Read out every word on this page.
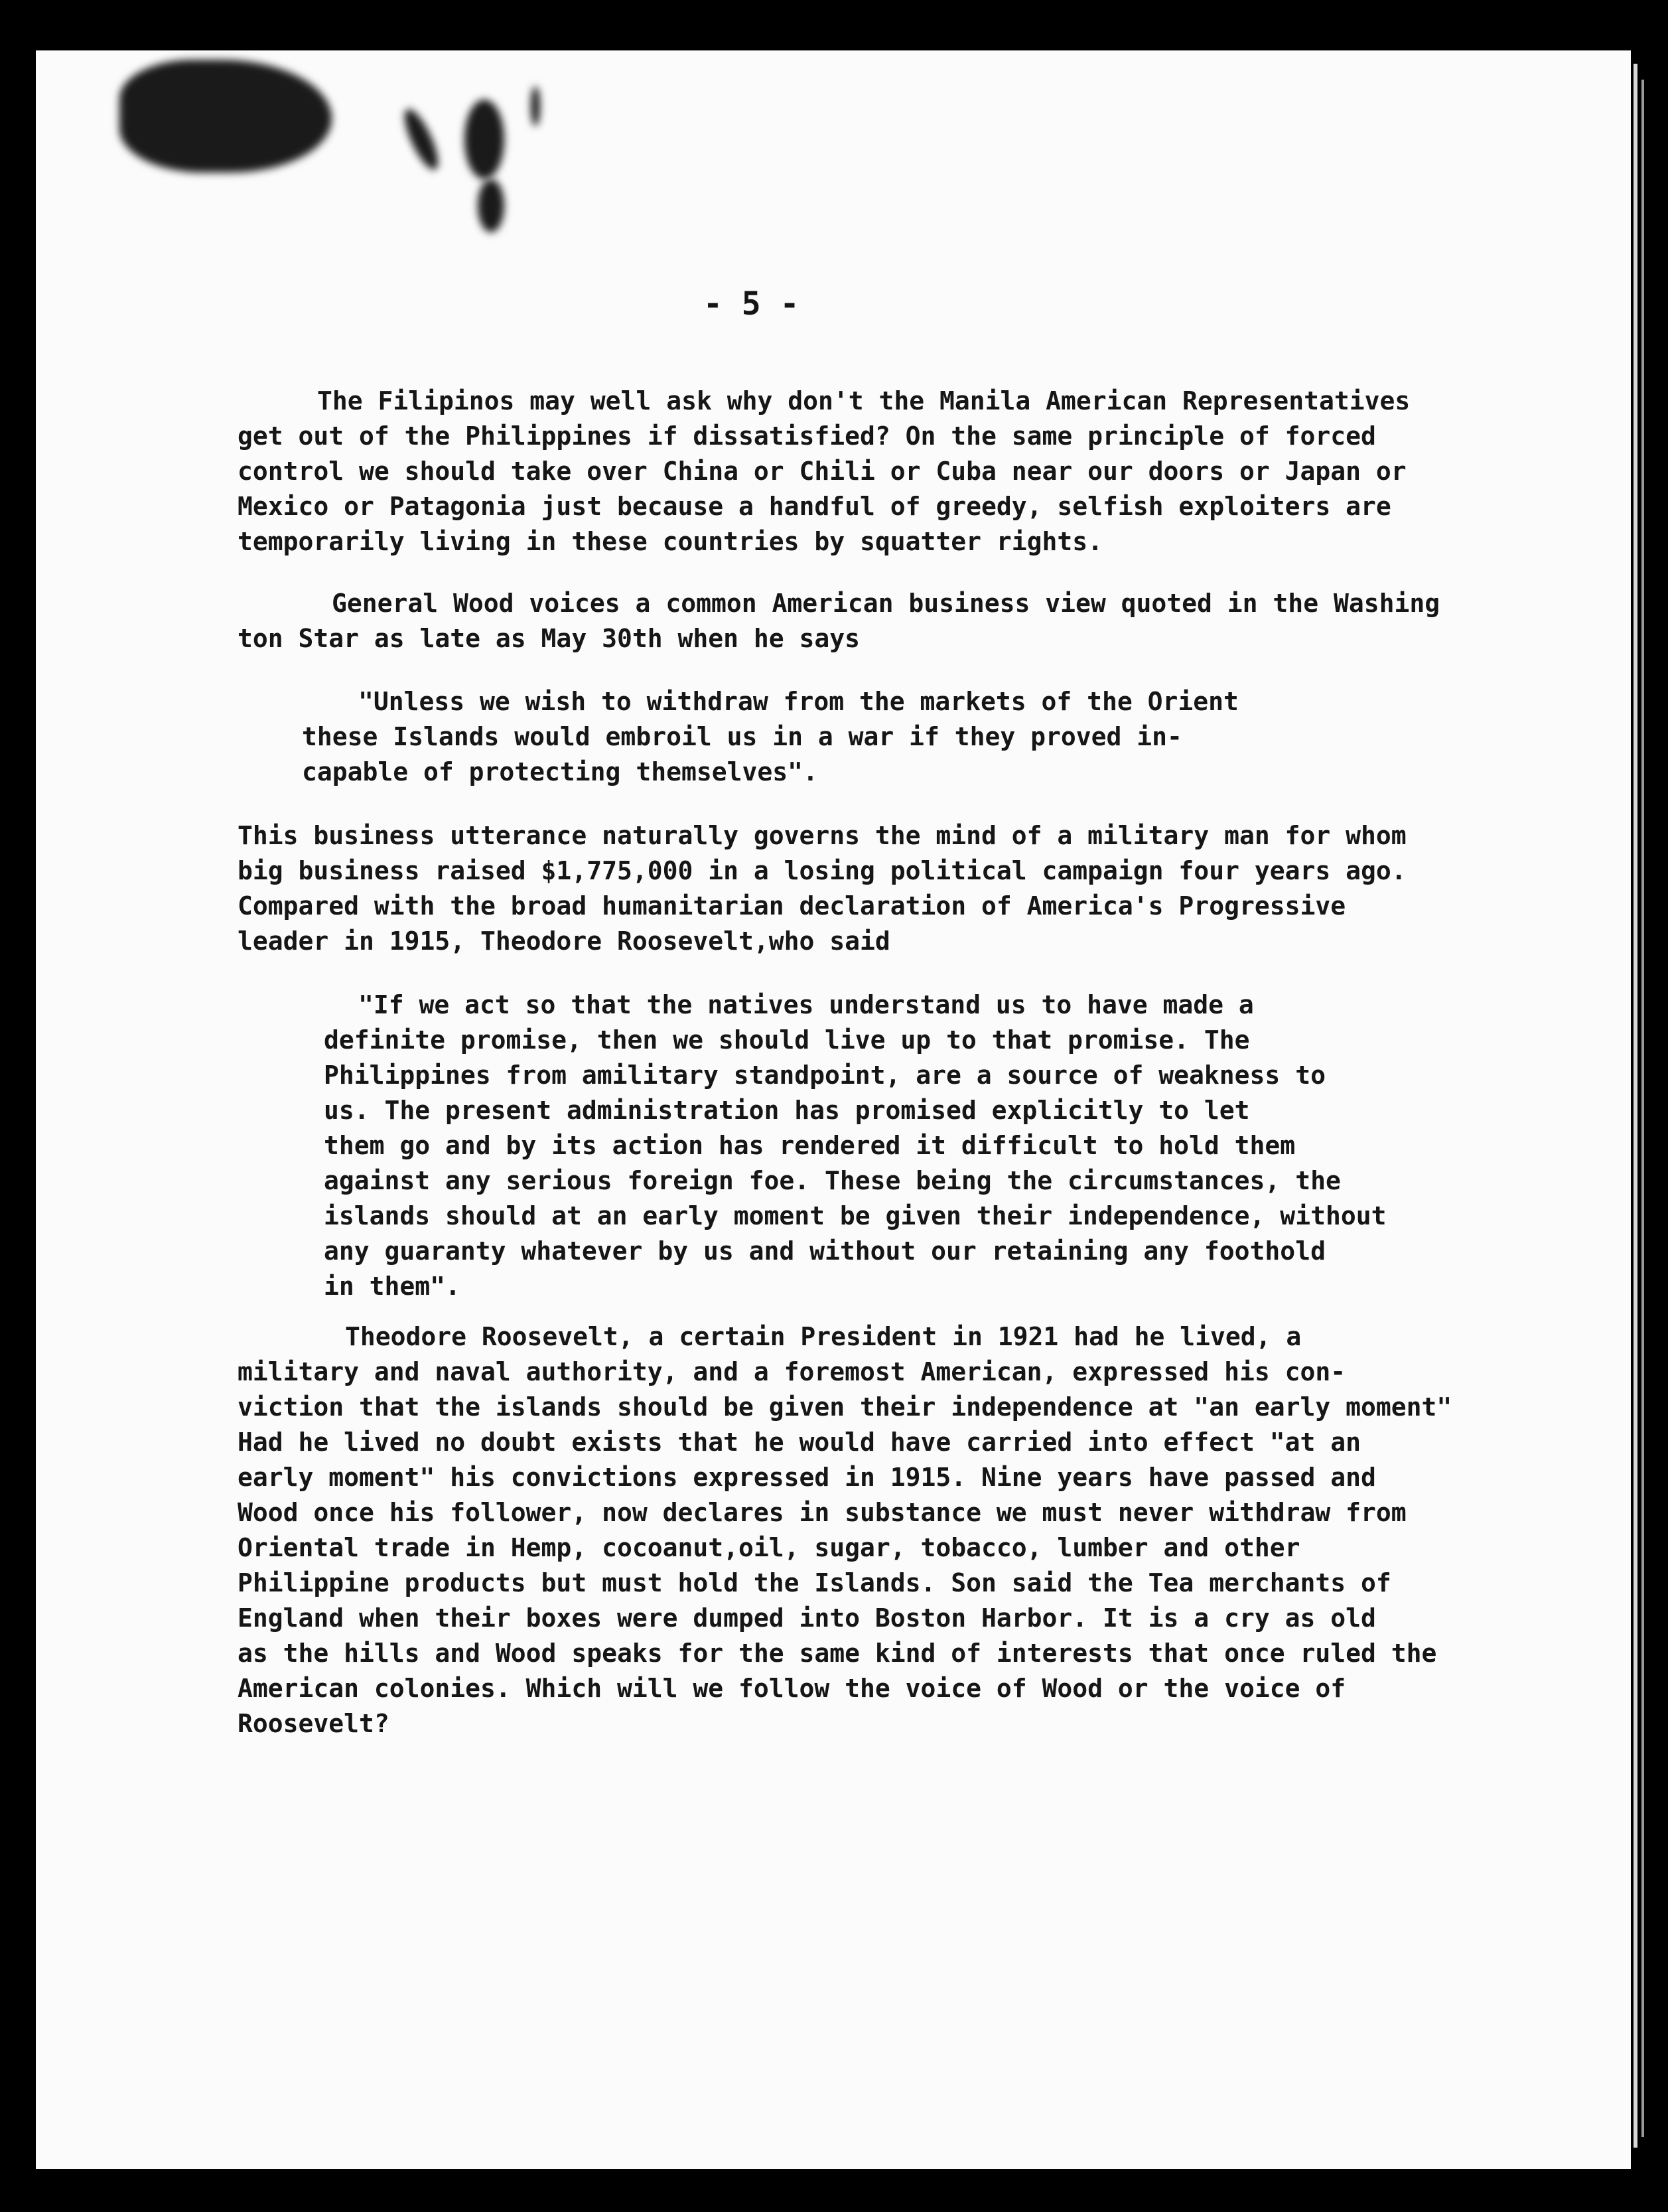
- 5 -
The Filipinos may well ask why don't the Manila American Representatives
get out of the Philippines if dissatisfied? On the same principle of forced
control we should take over China or Chili or Cuba near our doors or Japan or
Mexico or Patagonia just because a handful of greedy, selfish exploiters are
temporarily living in these countries by squatter rights.
General Wood voices a common American business view quoted in the Washing
ton Star as late as May 30th when he says
"Unless we wish to withdraw from the markets of the Orient
these Islands would embroil us in a war if they proved in-
capable of protecting themselves".
This business utterance naturally governs the mind of a military man for whom
big business raised $1,775,000 in a losing political campaign four years ago.
Compared with the broad humanitarian declaration of America's Progressive
leader in 1915, Theodore Roosevelt,who said
"If we act so that the natives understand us to have made a
definite promise, then we should live up to that promise. The
Philippines from amilitary standpoint, are a source of weakness to
us. The present administration has promised explicitly to let
them go and by its action has rendered it difficult to hold them
against any serious foreign foe. These being the circumstances, the
islands should at an early moment be given their independence, without
any guaranty whatever by us and without our retaining any foothold
in them".
Theodore Roosevelt, a certain President in 1921 had he lived, a
military and naval authority, and a foremost American, expressed his con-
viction that the islands should be given their independence at "an early moment"
Had he lived no doubt exists that he would have carried into effect "at an
early moment" his convictions expressed in 1915. Nine years have passed and
Wood once his follower, now declares in substance we must never withdraw from
Oriental trade in Hemp, cocoanut,oil, sugar, tobacco, lumber and other
Philippine products but must hold the Islands. Son said the Tea merchants of
England when their boxes were dumped into Boston Harbor. It is a cry as old
as the hills and Wood speaks for the same kind of interests that once ruled the
American colonies. Which will we follow the voice of Wood or the voice of
Roosevelt?
